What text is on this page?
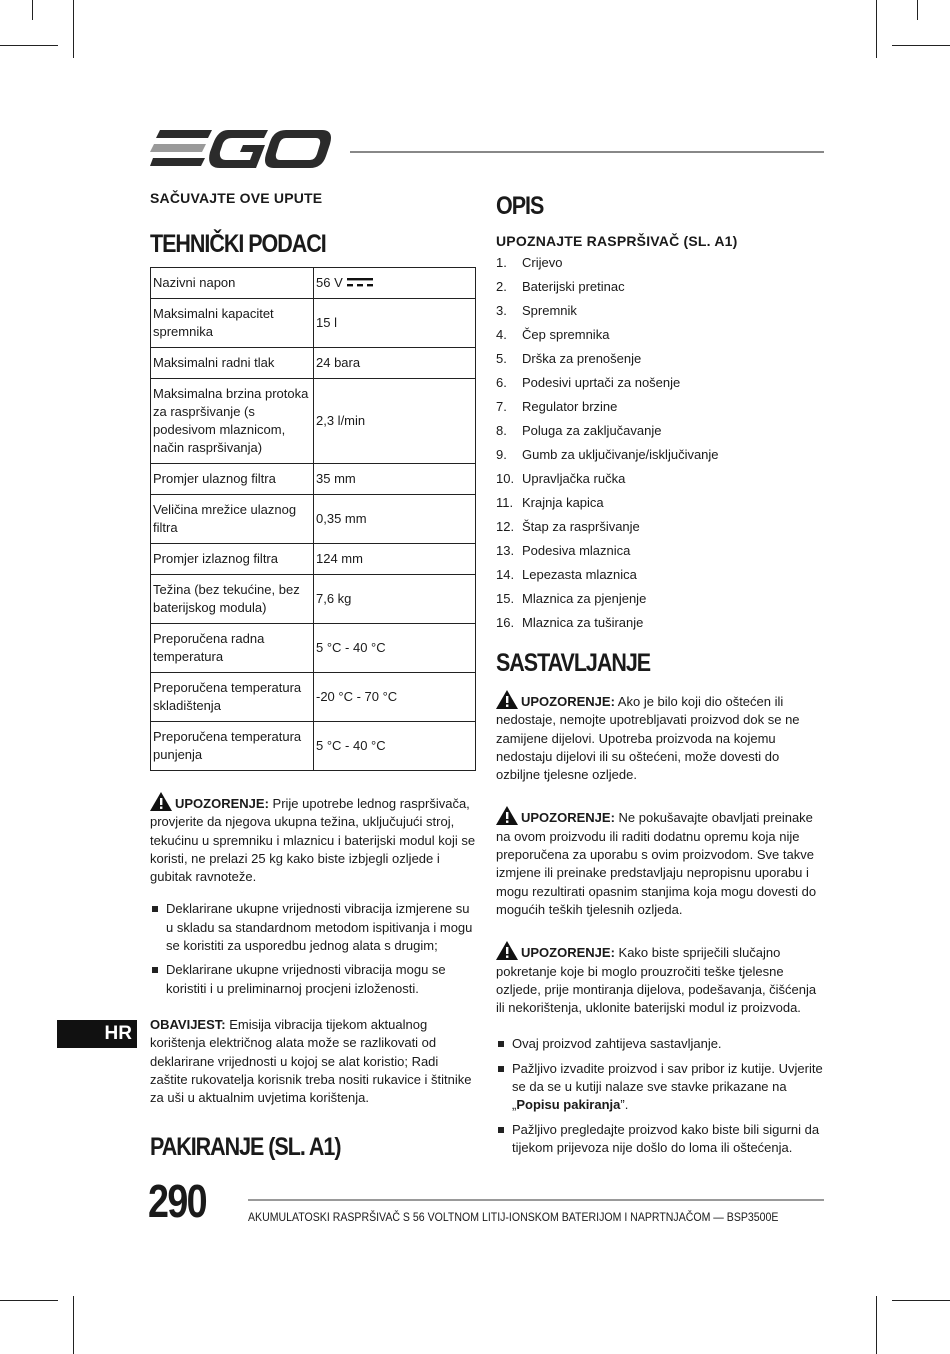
SAČUVAJTE OVE UPUTE
TEHNIČKI PODACI
Nazivni napon	56 V
Maksimalni kapacitet spremnika	15 l
Maksimalni radni tlak	24 bara
Maksimalna brzina protoka za raspršivanje (s podesivom mlaznicom, način raspršivanja)	2,3 l/min
Promjer ulaznog filtra	35 mm
Veličina mrežice ulaznog filtra	0,35 mm
Promjer izlaznog filtra	124 mm
Težina (bez tekućine, bez baterijskog modula)	7,6 kg
Preporučena radna temperatura	5 °C - 40 °C
Preporučena temperatura skladištenja	-20 °C - 70 °C
Preporučena temperatura punjenja	5 °C - 40 °C
UPOZORENJE: Prije upotrebe lednog raspršivača, provjerite da njegova ukupna težina, uključujući stroj, tekućinu u spremniku i mlaznicu i baterijski modul koji se koristi, ne prelazi 25 kg kako biste izbjegli ozljede i gubitak ravnoteže.
Deklarirane ukupne vrijednosti vibracija izmjerene su u skladu sa standardnom metodom ispitivanja i mogu se koristiti za usporedbu jednog alata s drugim;
Deklarirane ukupne vrijednosti vibracija mogu se koristiti i u preliminarnoj procjeni izloženosti.
OBAVIJEST: Emisija vibracija tijekom aktualnog korištenja električnog alata može se razlikovati od deklarirane vrijednosti u kojoj se alat koristio; Radi zaštite rukovatelja korisnik treba nositi rukavice i štitnike za uši u aktualnim uvjetima korištenja.
PAKIRANJE (SL. A1)
OPIS
UPOZNAJTE RASPRŠIVAČ (SL. A1)
1.	Crijevo
2.	Baterijski pretinac
3.	Spremnik
4.	Čep spremnika
5.	Drška za prenošenje
6.	Podesivi uprtači za nošenje
7.	Regulator brzine
8.	Poluga za zaključavanje
9.	Gumb za uključivanje/isključivanje
10. Upravljačka ručka
11. Krajnja kapica
12. Štap za raspršivanje
13. Podesiva mlaznica
14. Lepezasta mlaznica
15. Mlaznica za pjenjenje
16. Mlaznica za tuširanje
SASTAVLJANJE
UPOZORENJE: Ako je bilo koji dio oštećen ili nedostaje, nemojte upotrebljavati proizvod dok se ne zamijene dijelovi. Upotreba proizvoda na kojemu nedostaju dijelovi ili su oštećeni, može dovesti do ozbiljne tjelesne ozljede.
UPOZORENJE: Ne pokušavajte obavljati preinake na ovom proizvodu ili raditi dodatnu opremu koja nije preporučena za uporabu s ovim proizvodom. Sve takve izmjene ili preinake predstavljaju nepropisnu uporabu i mogu rezultirati opasnim stanjima koja mogu dovesti do mogućih teških tjelesnih ozljeda.
UPOZORENJE: Kako biste spriječili slučajno pokretanje koje bi moglo prouzročiti teške tjelesne ozljede, prije montiranja dijelova, podešavanja, čišćenja ili nekorištenja, uklonite baterijski modul iz proizvoda.
Ovaj proizvod zahtijeva sastavljanje.
Pažljivo izvadite proizvod i sav pribor iz kutije. Uvjerite se da se u kutiji nalaze sve stavke prikazane na „Popisu pakiranja”.
Pažljivo pregledajte proizvod kako biste bili sigurni da tijekom prijevoza nije došlo do loma ili oštećenja.
HR
290	AKUMULATOSKI RASPRŠIVAČ S 56 VOLTNOM LITIJ-IONSKOM BATERIJOM I NAPRTNJAČOM — BSP3500E
